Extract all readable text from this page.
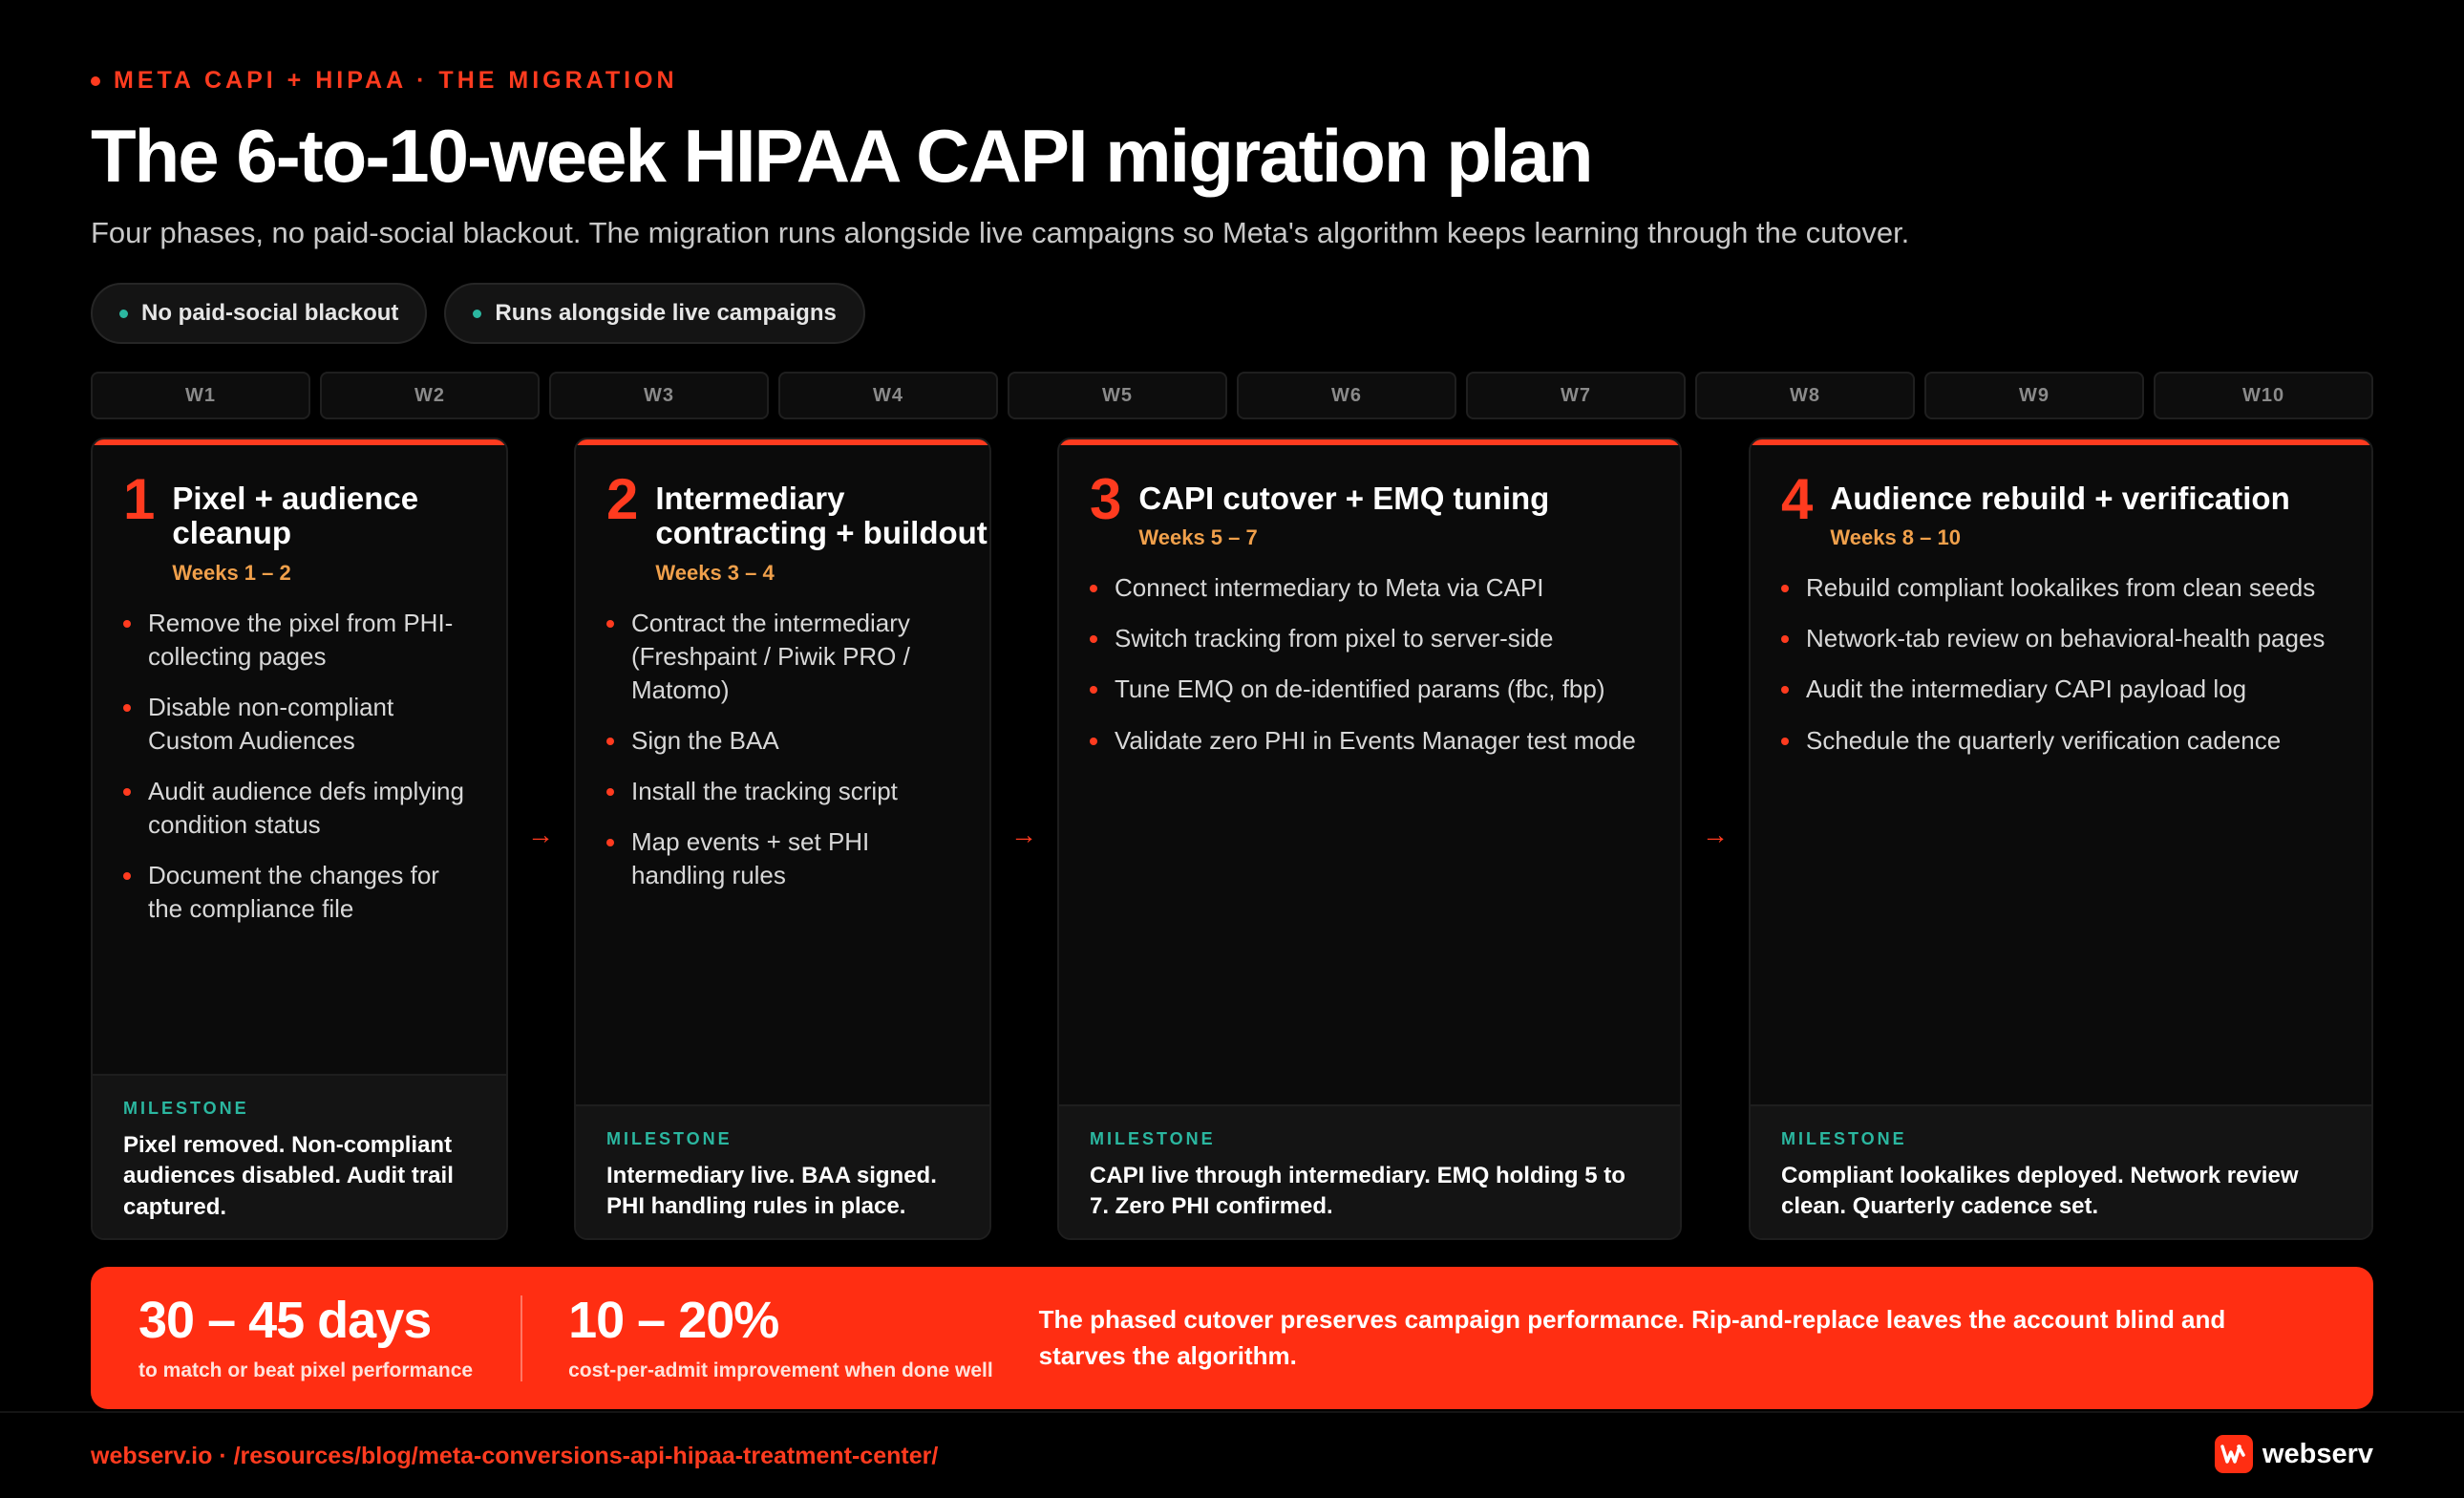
META CAPI + HIPAA · THE MIGRATION
The 6-to-10-week HIPAA CAPI migration plan

Four phases, no paid-social blackout. The migration runs alongside live campaigns so Meta's algorithm keeps learning through the cutover.

No paid-social blackout	Runs alongside live campaigns
W1	W2	W3	W4	W5	W6	W7	W8	W9	W10
1 Pixel + audience cleanup
Weeks 1 – 2
Remove the pixel from PHI-collecting pages
Disable non-compliant Custom Audiences
Audit audience defs implying condition status
Document the changes for the compliance file
MILESTONE
Pixel removed. Non-compliant audiences disabled. Audit trail captured.
→
2 Intermediary contracting + buildout
Weeks 3 – 4
Contract the intermediary (Freshpaint / Piwik PRO / Matomo)
Sign the BAA
Install the tracking script
Map events + set PHI handling rules
MILESTONE
Intermediary live. BAA signed. PHI handling rules in place.
→
3 CAPI cutover + EMQ tuning
Weeks 5 – 7
Connect intermediary to Meta via CAPI
Switch tracking from pixel to server-side
Tune EMQ on de-identified params (fbc, fbp)
Validate zero PHI in Events Manager test mode
MILESTONE
CAPI live through intermediary. EMQ holding 5 to 7. Zero PHI confirmed.
→
4 Audience rebuild + verification
Weeks 8 – 10
Rebuild compliant lookalikes from clean seeds
Network-tab review on behavioral-health pages
Audit the intermediary CAPI payload log
Schedule the quarterly verification cadence
MILESTONE
Compliant lookalikes deployed. Network review clean. Quarterly cadence set.
30 – 45 days
to match or beat pixel performance
10 – 20%
cost-per-admit improvement when done well
The phased cutover preserves campaign performance. Rip-and-replace leaves the account blind and starves the algorithm.
webserv.io · /resources/blog/meta-conversions-api-hipaa-treatment-center/	webserv
